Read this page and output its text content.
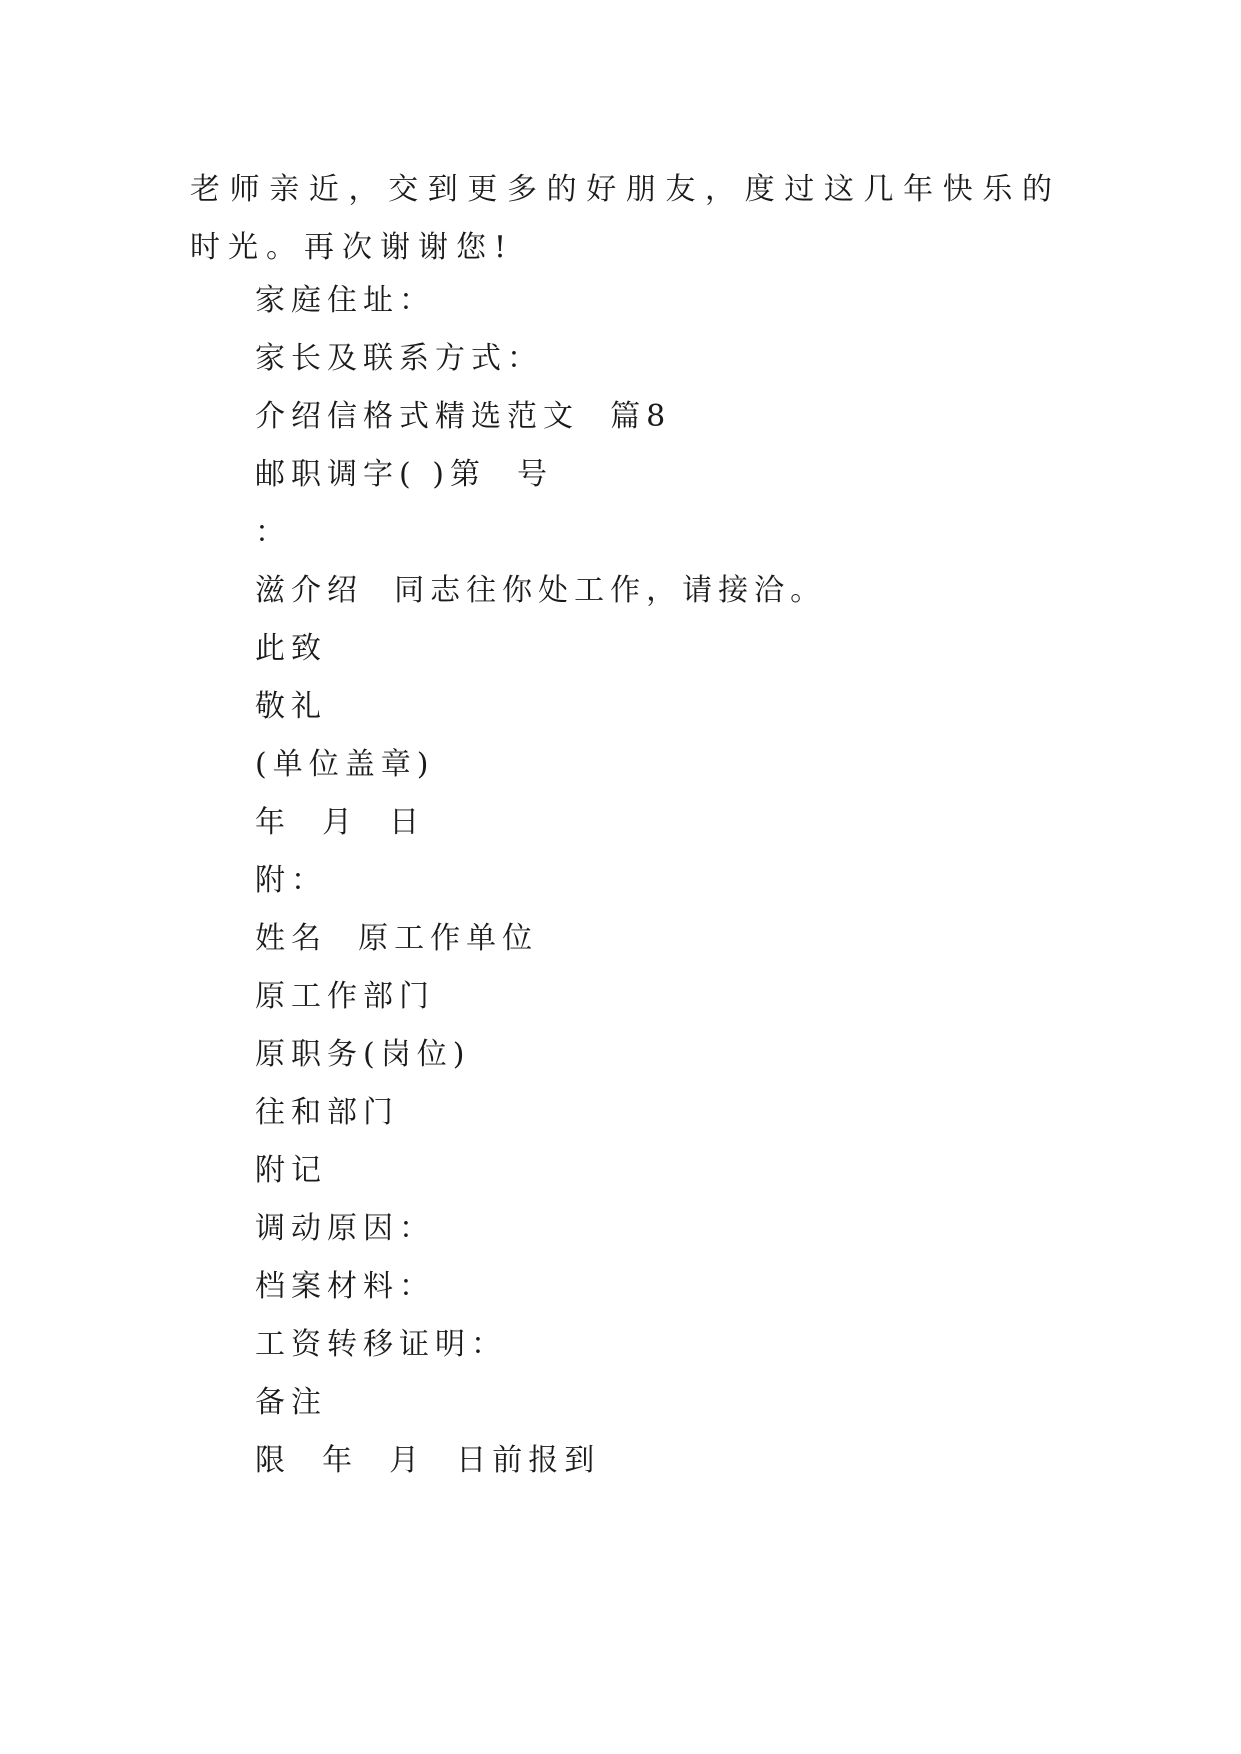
老师亲近，交到更多的好朋友，度过这几年快乐的时光。再次谢谢您!
家庭住址：
家长及联系方式：
介绍信格式精选范文  篇8
邮职调字( )第  号
：
滋介绍  同志往你处工作，请接洽。
此致
敬礼
(单位盖章)
年  月  日
附：
姓名  原工作单位
原工作部门
原职务(岗位)
往和部门
附记
调动原因：
档案材料：
工资转移证明：
备注
限  年  月  日前报到
